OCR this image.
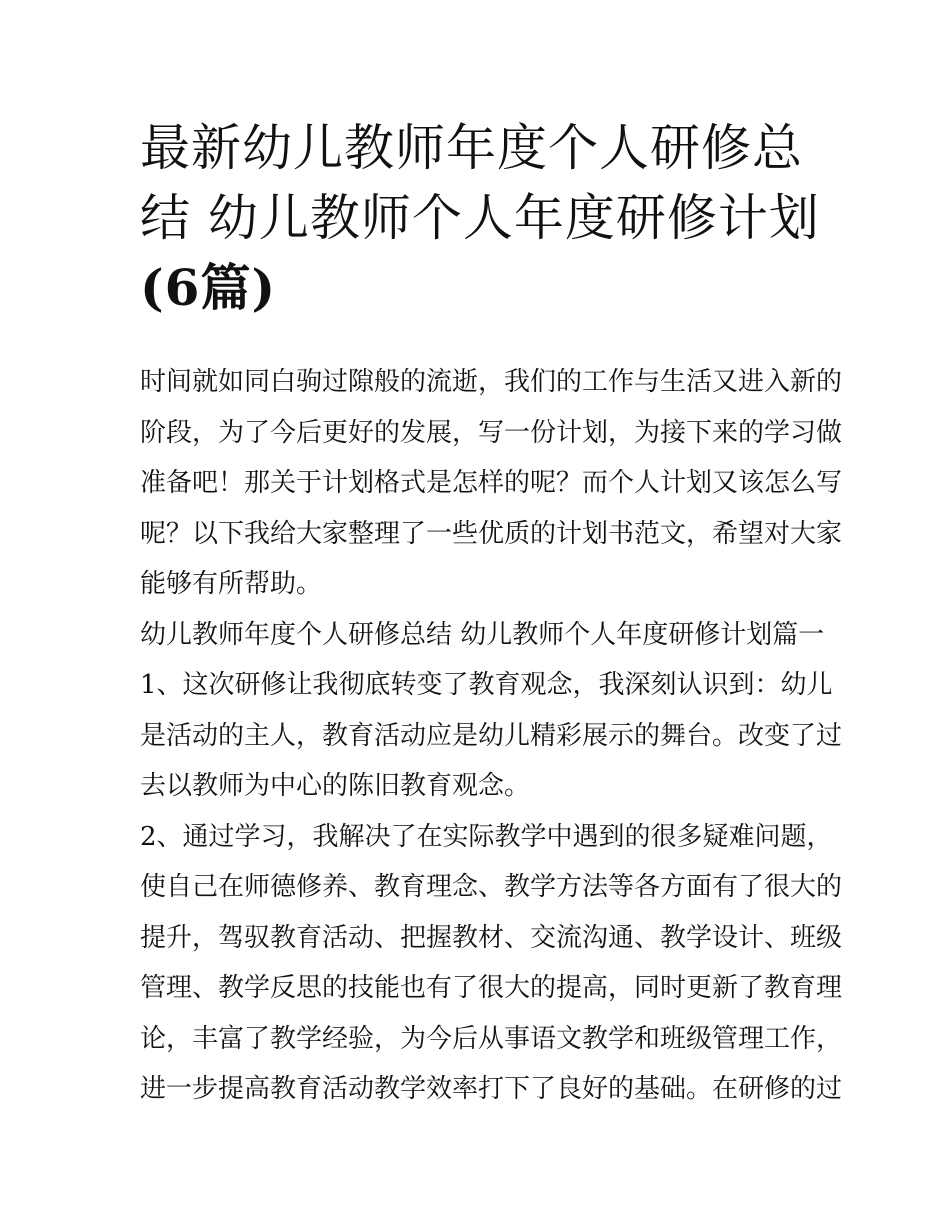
最新幼儿教师年度个人研修总
结 幼儿教师个人年度研修计划
(6篇)
时间就如同白驹过隙般的流逝，我们的工作与生活又进入新的
阶段，为了今后更好的发展，写一份计划，为接下来的学习做
准备吧！那关于计划格式是怎样的呢？而个人计划又该怎么写
呢？以下我给大家整理了一些优质的计划书范文，希望对大家
能够有所帮助。
幼儿教师年度个人研修总结 幼儿教师个人年度研修计划篇一
1、这次研修让我彻底转变了教育观念，我深刻认识到：幼儿
是活动的主人，教育活动应是幼儿精彩展示的舞台。改变了过
去以教师为中心的陈旧教育观念。
2、通过学习，我解决了在实际教学中遇到的很多疑难问题，
使自己在师德修养、教育理念、教学方法等各方面有了很大的
提升，驾驭教育活动、把握教材、交流沟通、教学设计、班级
管理、教学反思的技能也有了很大的提高，同时更新了教育理
论，丰富了教学经验，为今后从事语文教学和班级管理工作，
进一步提高教育活动教学效率打下了良好的基础。在研修的过
